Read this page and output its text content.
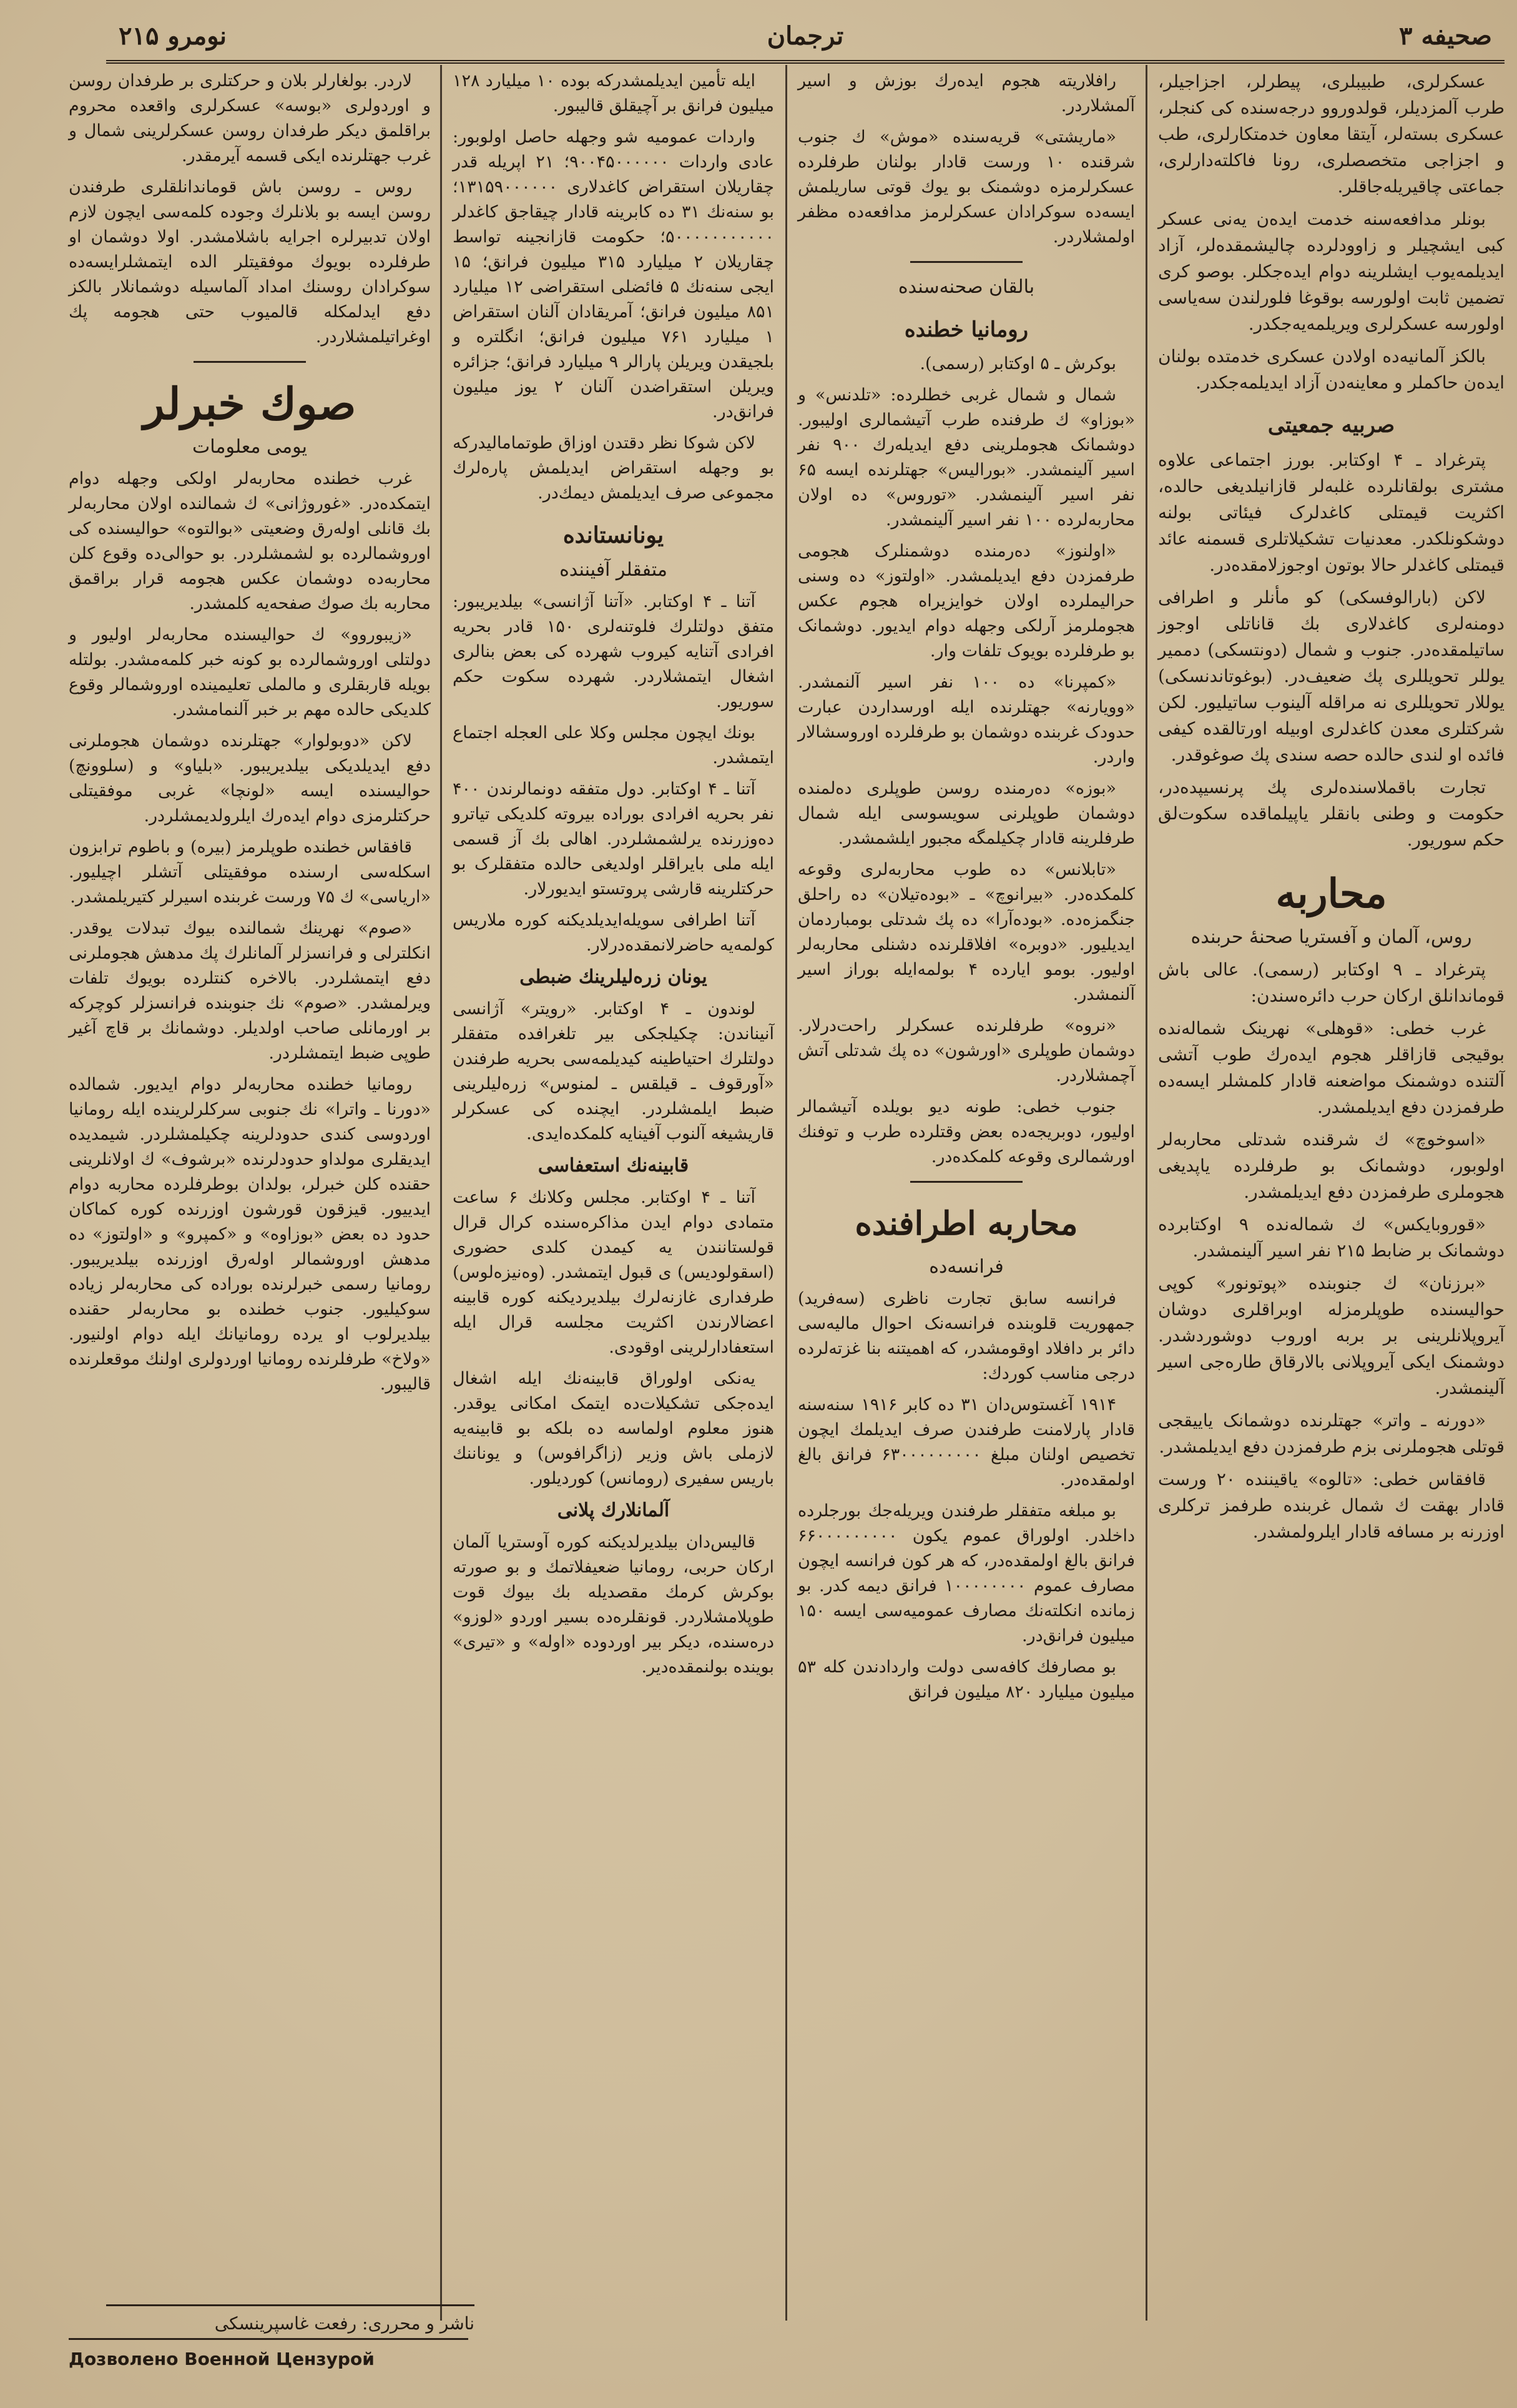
صحیفه ۳
ترجمان
نومرو ۲۱۵

عسکرلری، طبیبلری، پیطرلر، اجزاجیلر، طرب آلمزدیلر، قولدوروو درجه‌سنده کی کنجلر، عسکری بسته‌لر، آیتقا معاون خدمتکارلری، طب و اجزاجی متخصصلری، رونا فاکلته‌دارلری، جماعتی چاقیریله‌جاقلر.

بونلر مدافعه‌سنه خدمت ایده‌ن یه‌نی عسکر کبی ایشچیلر و زاوودلرده چالیشمقده‌لر، آزاد ایدیلمه‌یوب ایشلرینه دوام ایده‌جکلر. بوصو کری تضمین ثابت اولورسه بوقوغا فلورلندن سه‌یاسی اولورسه عسکرلری ویریلمه‌یه‌جکدر.

بالکز آلمانیه‌ده اولادن عسکری خدمتده بولنان ایده‌ن حاکملر و معاینه‌دن آزاد ایدیلمه‌جکدر.

صربیه جمعیتی

پترغراد ـ ۴ اوکتابر. بورز اجتماعی علاوه مشتری بولقانلرده غلبه‌لر قازانیلدیغی حالده، اکثریت قیمتلی کاغدلرک فیئاتی بولنه دوشکونلکدر. معدنیات تشکیلاتلری قسمنه عائد قیمتلی کاغدلر حالا بوتون اوجوزلامقده‌در.

لاکن (بارالوفسکی) کو مأنلر و اطرافی دومنه‌لری کاغدلاری بك قاناتلی اوجوز ساتیلمقده‌در. جنوب و شمال (دونتسکی) دممیر یوللر تحویللری پك ضعیف‌در. (بوغوتاندنسکی) یوللار تحویللری نه مراقله آلینوب ساتیلیور. لکن شرکتلری معدن کاغدلری اوبیله اورتالقده کیفی فائده او لندی حالده حصه سندی پك صوغوقدر.

تجارت باقملاسنده‌لری پك پرنسیپده‌در، حکومت و وطنی بانقلر یاپیلماقده سکوت‌لق حکم سوریور.

محاربه
روس، آلمان و آفستریا صحنهٔ حربنده

پترغراد ـ ۹ اوکتابر (رسمی). عالی باش قوماندانلق ارکان حرب دائره‌سندن:

غرب خطی: «قوهلی» نهرینک شماله‌نده بوقیجی قازاقلر هجوم ایده‌رك طوب آتشی آلتنده دوشمنک مواضعنه قادار کلمشلر ایسه‌ده طرفمزدن دفع ایدیلمشدر.

«اسوخوچ» ك شرقنده شدتلی محاربه‌لر اولوبور، دوشمانک بو طرفلرده یاپدیغی هجوملری طرفمزدن دفع ایدیلمشدر.

«قوروبایکس» ك شماله‌نده ۹ اوکتابرده دوشمانک بر ضابط ۲۱۵ نفر اسیر آلینمشدر.

«برزنان» ك جنوبنده «پوتونور» کوپی حوالیسنده طوپلرمزله اوبراقلری دوشان آیروپلانلرینی بر بربه اوروب دوشوردشدر. دوشمنک ایکی آیروپلانی بالارقاق طاره‌جی اسیر آلینمشدر.

«دورنه ـ واتر» جهتلرنده دوشمانک یاییقجی قوتلی هجوملرنی بزم طرفمزدن دفع ایدیلمشدر.

قافقاس خطی: «تالوه» یاقیننده ۲۰ ورست قادار بهقت ك شمال غربنده طرفمز ترکلری اوزرنه بر مسافه قادار ایلرولمشدر.

رافلاریته هجوم ایده‌رك بوزش و اسیر آلمشلاردر.

«ماریشتی» قریه‌سنده «موش» ك جنوب شرقنده ۱۰ ورست قادار بولنان طرفلرده عسکرلرمزه دوشمنک بو یوك قوتی ساریلمش ایسه‌ده سوکرادان عسکرلرمز مدافعه‌ده مظفر اولمشلاردر.

بالقان صحنه‌سنده
رومانیا خطنده

بوکرش ـ ۵ اوکتابر (رسمی).

شمال و شمال غربی خطلرده: «تلدنس» و «بوزاو» ك طرفنده طرب آتیشمالری اولیبور. دوشمانک هجوملرینی دفع ایدیله‌رك ۹۰۰ نفر اسیر آلینمشدر. «بورالیس» جهتلرنده ایسه ۶۵ نفر اسیر آلینمشدر. «توروس» ده اولان محاربه‌لرده ۱۰۰ نفر اسیر آلینمشدر.

«اولنوز» ده‌رمنده دوشمنلرک هجومی طرفمزدن دفع ایدیلمشدر. «اولتوز» ده وسنی حرالیملرده اولان خوایزیراه هجوم عکس هجوملرمز آرلکی وجهله دوام ایدیور. دوشمانک بو طرفلرده بویوک تلفات وار.

«کمپرنا» ده ۱۰۰ نفر اسیر آلنمشدر. «وویارنه» جهتلرنده ایله اورسداردن عبارت حدودک غربنده دوشمان بو طرفلرده اوروسشالار واردر.

«بوزه» ده‌رمنده روسن طوپلری ده‌لمنده دوشمان طوپلرنی سویسوسی ایله شمال طرفلرینه قادار چکیلمگه مجبور ایلشمشدر.

«تابلانس» ده طوب محاربه‌لری وقوعه کلمکده‌در. «بیرانوچ» ـ «بوده‌تیلان» ده راحلق جنگمزه‌ده. «بوده‌آرا» ده پك شدتلی بومباردمان ایدیلیور. «دوبره» افلاقلرنده دشنلی محاربه‌لر اولیور. بومو ایارده ۴ بولمه‌ایله بوراز اسیر آلنمشدر.

«نروه» طرفلرنده عسکرلر راحت‌درلار. دوشمان طوپلری «اورشون» ده پك شدتلی آتش آچمشلاردر.

جنوب خطی: طونه دیو بویلده آتیشمالر اولیور، دوبریجه‌ده بعض وقتلرده طرب و توفنك اورشمالری وقوعه کلمکده‌در.

محاربه اطرافنده
فرانسه‌ده

فرانسه سابق تجارت ناظری (سه‌فرید) جمهوریت قلوبنده فرانسه‌نک احوال مالیه‌سی دائر بر دافلاد اوقومشدر، که اهمیتنه بنا غزته‌لرده درجی مناسب کوردك:

۱۹۱۴ آغستوس‌دان ۳۱ ده کابر ۱۹۱۶ سنه‌سنه قادار پارلامنت طرفندن صرف ایدیلمك ایچون تخصیص اولنان مبلغ ۶۳۰۰۰۰۰۰۰۰۰ فرانق بالغ اولمقده‌در.

بو مبلغه متفقلر طرفندن ویریله‌جك بورجلرده داخلدر. اولوراق عموم یکون ۶۶۰۰۰۰۰۰۰۰۰ فرانق بالغ اولمقده‌در، که هر کون فرانسه ایچون مصارف عموم ۱۰۰۰۰۰۰۰۰ فرانق دیمه کدر. بو زمانده انکلته‌نك مصارف عمومیه‌سی ایسه ۱۵۰ میلیون فرانق‌در.

بو مصارفك کافه‌سی دولت واردادندن کله ۵۳ میلیون میلیارد ۸۲۰ میلیون فرانق

ایله تأمین ایدیلمشدرکه بوده ۱۰ میلیارد ۱۲۸ میلیون فرانق بر آچیقلق قالیبور.

واردات عمومیه شو وجهله حاصل اولوبور: عادی واردات ۹۰۰۴۵۰۰۰۰۰۰؛ ۲۱ اپریله قدر چقاریلان استقراض کاغدلاری ۱۳۱۵۹۰۰۰۰۰۰؛ بو سنه‌نك ۳۱ ده کابرینه قادار چیقاجق کاغدلر ۵۰۰۰۰۰۰۰۰۰۰۰؛ حکومت قازانجینه تواسط چقاریلان ۲ میلیارد ۳۱۵ میلیون فرانق؛ ۱۵ ایجی سنه‌نك ۵ فائضلی استقراضی ۱۲ میلیارد ۸۵۱ میلیون فرانق؛ آمریقادان آلنان استقراض ۱ میلیارد ۷۶۱ میلیون فرانق؛ انگلتره و بلجیقدن ویریلن پارالر ۹ میلیارد فرانق؛ جزائره ویریلن استقراضدن آلنان ۲ یوز میلیون فرانق‌در.

لاکن شوکا نظر دقتدن اوزاق طوتمامالیدرکه بو وجهله استقراض ایدیلمش پاره‌لرك مجموعی صرف ایدیلمش دیمك‌در.

یونانستانده
متفقلر آفیننده

آتنا ـ ۴ اوکتابر. «آتنا آژانسی» بیلدیریبور: متفق دولتلرك فلوتنه‌لری ۱۵۰ قادر بحریه افرادی آتنایه کیروب شهرده‌ کی بعض بنالری اشغال ایتمشلاردر. شهرده سکوت حکم سوریور.

بونك ایچون مجلس وکلا علی العجله اجتماع ایتمشدر.

آتنا ـ ۴ اوکتابر. دول متفقه دونمالرندن ۴۰۰ نفر بحریه افرادی بوراده بیروته کلدیکی تیاترو ده‌وزرنده یرلشمشلردر. اهالی بك آز قسمی ایله ملی بایراقلر اولدیغی حالده متفقلرک بو حرکتلرینه قارشی پروتستو ایدیورلار.

آتنا اطرافی سویله‌ایدیلدیکنه کوره ملاریس کولمه‌یه حاضرلانمقده‌درلار.

یونان زره‌لیلرینك ضبطی

لوندون ـ ۴ اوکتابر. «رویتر» آژانسی آنیناندن: چکیلجكی بیر تلغرافده متفقلر دولتلرك احتیاطینه کیدیلمه‌سی بحریه طرفندن «آورقوف ـ قیلقس ـ لمنوس» زره‌لیلرینی ضبط ایلمشلردر. ایچنده کی عسکرلر قاریشیغه آلنوب آفینایه کلمکده‌ایدی.

قابینه‌نك استعفاسی

آتنا ـ ۴ اوکتابر. مجلس وکلانك ۶ ساعت متمادی دوام ایدن مذاکره‌سنده کرال قرال قولستانندن یه کیمدن کلدی حضوری (اسقولودیس) ی قبول ایتمشدر. (وه‌نیزه‌لوس) طرفداری غازنه‌لرك بیلدیردیکنه کوره قابینه اعضالارندن اکثریت مجلسه قرال ایله استعفادارلرینی اوقودی.

یه‌نکی اولوراق قابینه‌نك ایله اشغال ایده‌جکی تشکیلات‌ده ایتمک امکانی یوقدر. هنوز معلوم اولماسه ده بلکه بو قابینه‌یه لازملی باش وزیر (زاگرافوس) و یوناننك باریس سفیری (رومانس) کوردیلور.

آلمانلارك پلانی

قالیس‌دان بیلدیرلدیکنه کوره آوستریا آلمان ارکان حربی، رومانیا ضعیفلاتمك و بو صورته بوکرش کرمك مقصدیله بك بیوك قوت طوپلامشلاردر. قونقلره‌ده بسیر اوردو «لوزو» دره‌سنده، دیکر بیر اوردوده «اوله» و «تیری» بوینده بولنمقده‌دیر.

لاردر. بولغارلر بلان و حرکتلری بر طرفدان روسن و اوردولری «بوسه» عسکرلری واقعده محروم براقلمق دیکر طرفدان روسن عسکرلرینی شمال و غرب جهتلرنده ایکی قسمه آیرمقدر.

روس ـ روسن باش قوماندانلقلری طرفندن روسن ایسه بو بلانلرك وجوده کلمه‌سی ایچون لازم اولان تدبیرلره اجرایه باشلامشدر. اولا دوشمان او طرفلرده بویوك موفقیتلر الده ایتمشلرایسه‌ده سوکرادان روسنك امداد آلماسیله دوشمانلار بالکز دفع ایدلمکله قالمیوب حتی هجومه پك اوغراتیلمشلاردر.

صوك خبرلر
یومی معلومات

غرب خطنده محاربه‌لر اولکی وجهله دوام ایتمکده‌در. «غوروژانی» ك شمالنده اولان محاربه‌لر بك قانلی اوله‌رق وضعیتی «بوالتوه» حوالیسنده کی اوروشمالرده بو لشمشلردر. بو حوالی‌ده وقوع کلن محاربه‌ده دوشمان عکس هجومه قرار براقمق محاربه بك صوك صفحه‌یه کلمشدر.

«زیبوروو» ك حوالیسنده محاربه‌لر اولیور و دولتلی اوروشمالرده بو کونه خبر کلمه‌مشدر. بولتله بویله قاربقلری و مالملی تعلیمینده اوروشمالر وقوع کلدیکی حالده مهم بر خبر آلنمامشدر.

لاکن «دوبولوار» جهتلرنده دوشمان هجوملرنی دفع ایدیلدیکی بیلدیریبور. «بلیاو» و (سلوونچ) حوالیسنده ایسه «لونچا» غربی موفقیتلی حرکتلرمزی دوام ایده‌رك ایلرولدیمشلردر.

قافقاس خطنده طوپلرمز (بیره) و باطوم ترابزون اسکله‌سی ارسنده موفقیتلی آتشلر اچیلیور. «اریاسی» ك ۷۵ ورست غربنده اسیرلر کتیریلمشدر.

«صوم» نهرینك شمالنده بیوك تبدلات یوقدر. انکلترلی و فرانسزلر آلمانلرك پك مدهش هجوملرنی دفع ایتمشلردر. بالاخره کنتلرده بویوك تلفات ویرلمشدر. «صوم» نك جنوبنده فرانسزلر کوچرکه بر اورمانلی صاحب اولدیلر. دوشمانك بر قاچ آغیر طوپی ضبط ایتمشلردر.

رومانیا خطنده محاربه‌لر دوام ایدیور. شمالده «دورنا ـ واترا» نك جنوبی سرکلرلرینده ایله رومانیا اوردوسی کندی حدودلرینه چکیلمشلردر. شیمدیده ایدیقلری مولداو حدودلرنده «برشوف» ك اولانلرینی حقنده کلن خبرلر، بولدان بوطرفلرده محاربه دوام ایدییور. قیزقون قورشون اوزرنده کوره کماکان حدود ده بعض «بوزاوه» و «کمپرو» و «اولتوز» ده مدهش اوروشمالر اوله‌رق اوزرنده بیلدیریبور. رومانیا رسمی خبرلرنده بوراده‌ کی محاربه‌لر زیاده‌ سوکیلیور. جنوب خطنده بو محاربه‌لر حقنده بیلدیرلوب او یرده رومانیانك ایله دوام اولنیور. «ولاخ» طرفلرنده رومانیا اوردولری اولنك موقعلرنده قالیبور.

ناشر و محرری: رفعت غاسپرینسکی
Дозволено Военной Цензурой
